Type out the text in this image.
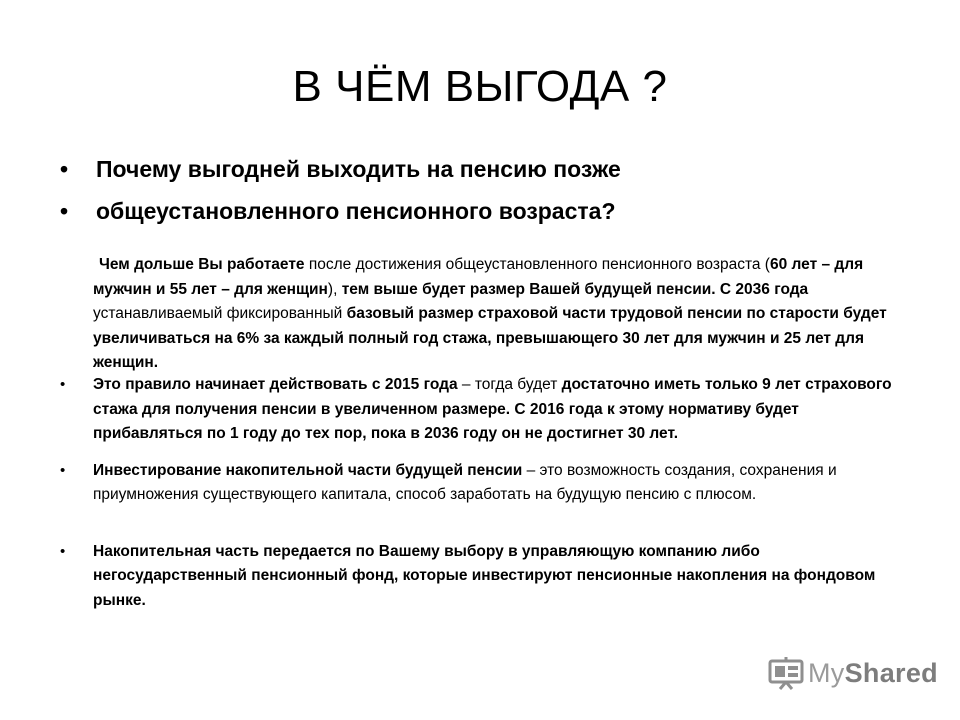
В ЧЁМ ВЫГОДА ?
• Почему выгодней выходить на пенсию позже
• общеустановленного пенсионного возраста?

Чем дольше Вы работаете после достижения общеустановленного пенсионного возраста (60 лет – для мужчин и 55 лет – для женщин), тем выше будет размер Вашей будущей пенсии. С 2036 года устанавливаемый фиксированный базовый размер страховой части трудовой пенсии по старости будет увеличиваться на 6% за каждый полный год стажа, превышающего 30 лет для мужчин и 25 лет для женщин.

• Это правило начинает действовать с 2015 года – тогда будет достаточно иметь только 9 лет страхового стажа для получения пенсии в увеличенном размере. С 2016 года к этому нормативу будет прибавляться по 1 году до тех пор, пока в 2036 году он не достигнет 30 лет.
• Инвестирование накопительной части будущей пенсии – это возможность создания, сохранения и приумножения существующего капитала, способ заработать на будущую пенсию с плюсом.
• Накопительная часть передается по Вашему выбору в управляющую компанию либо негосударственный пенсионный фонд, которые инвестируют пенсионные накопления на фондовом рынке.
MyShared
